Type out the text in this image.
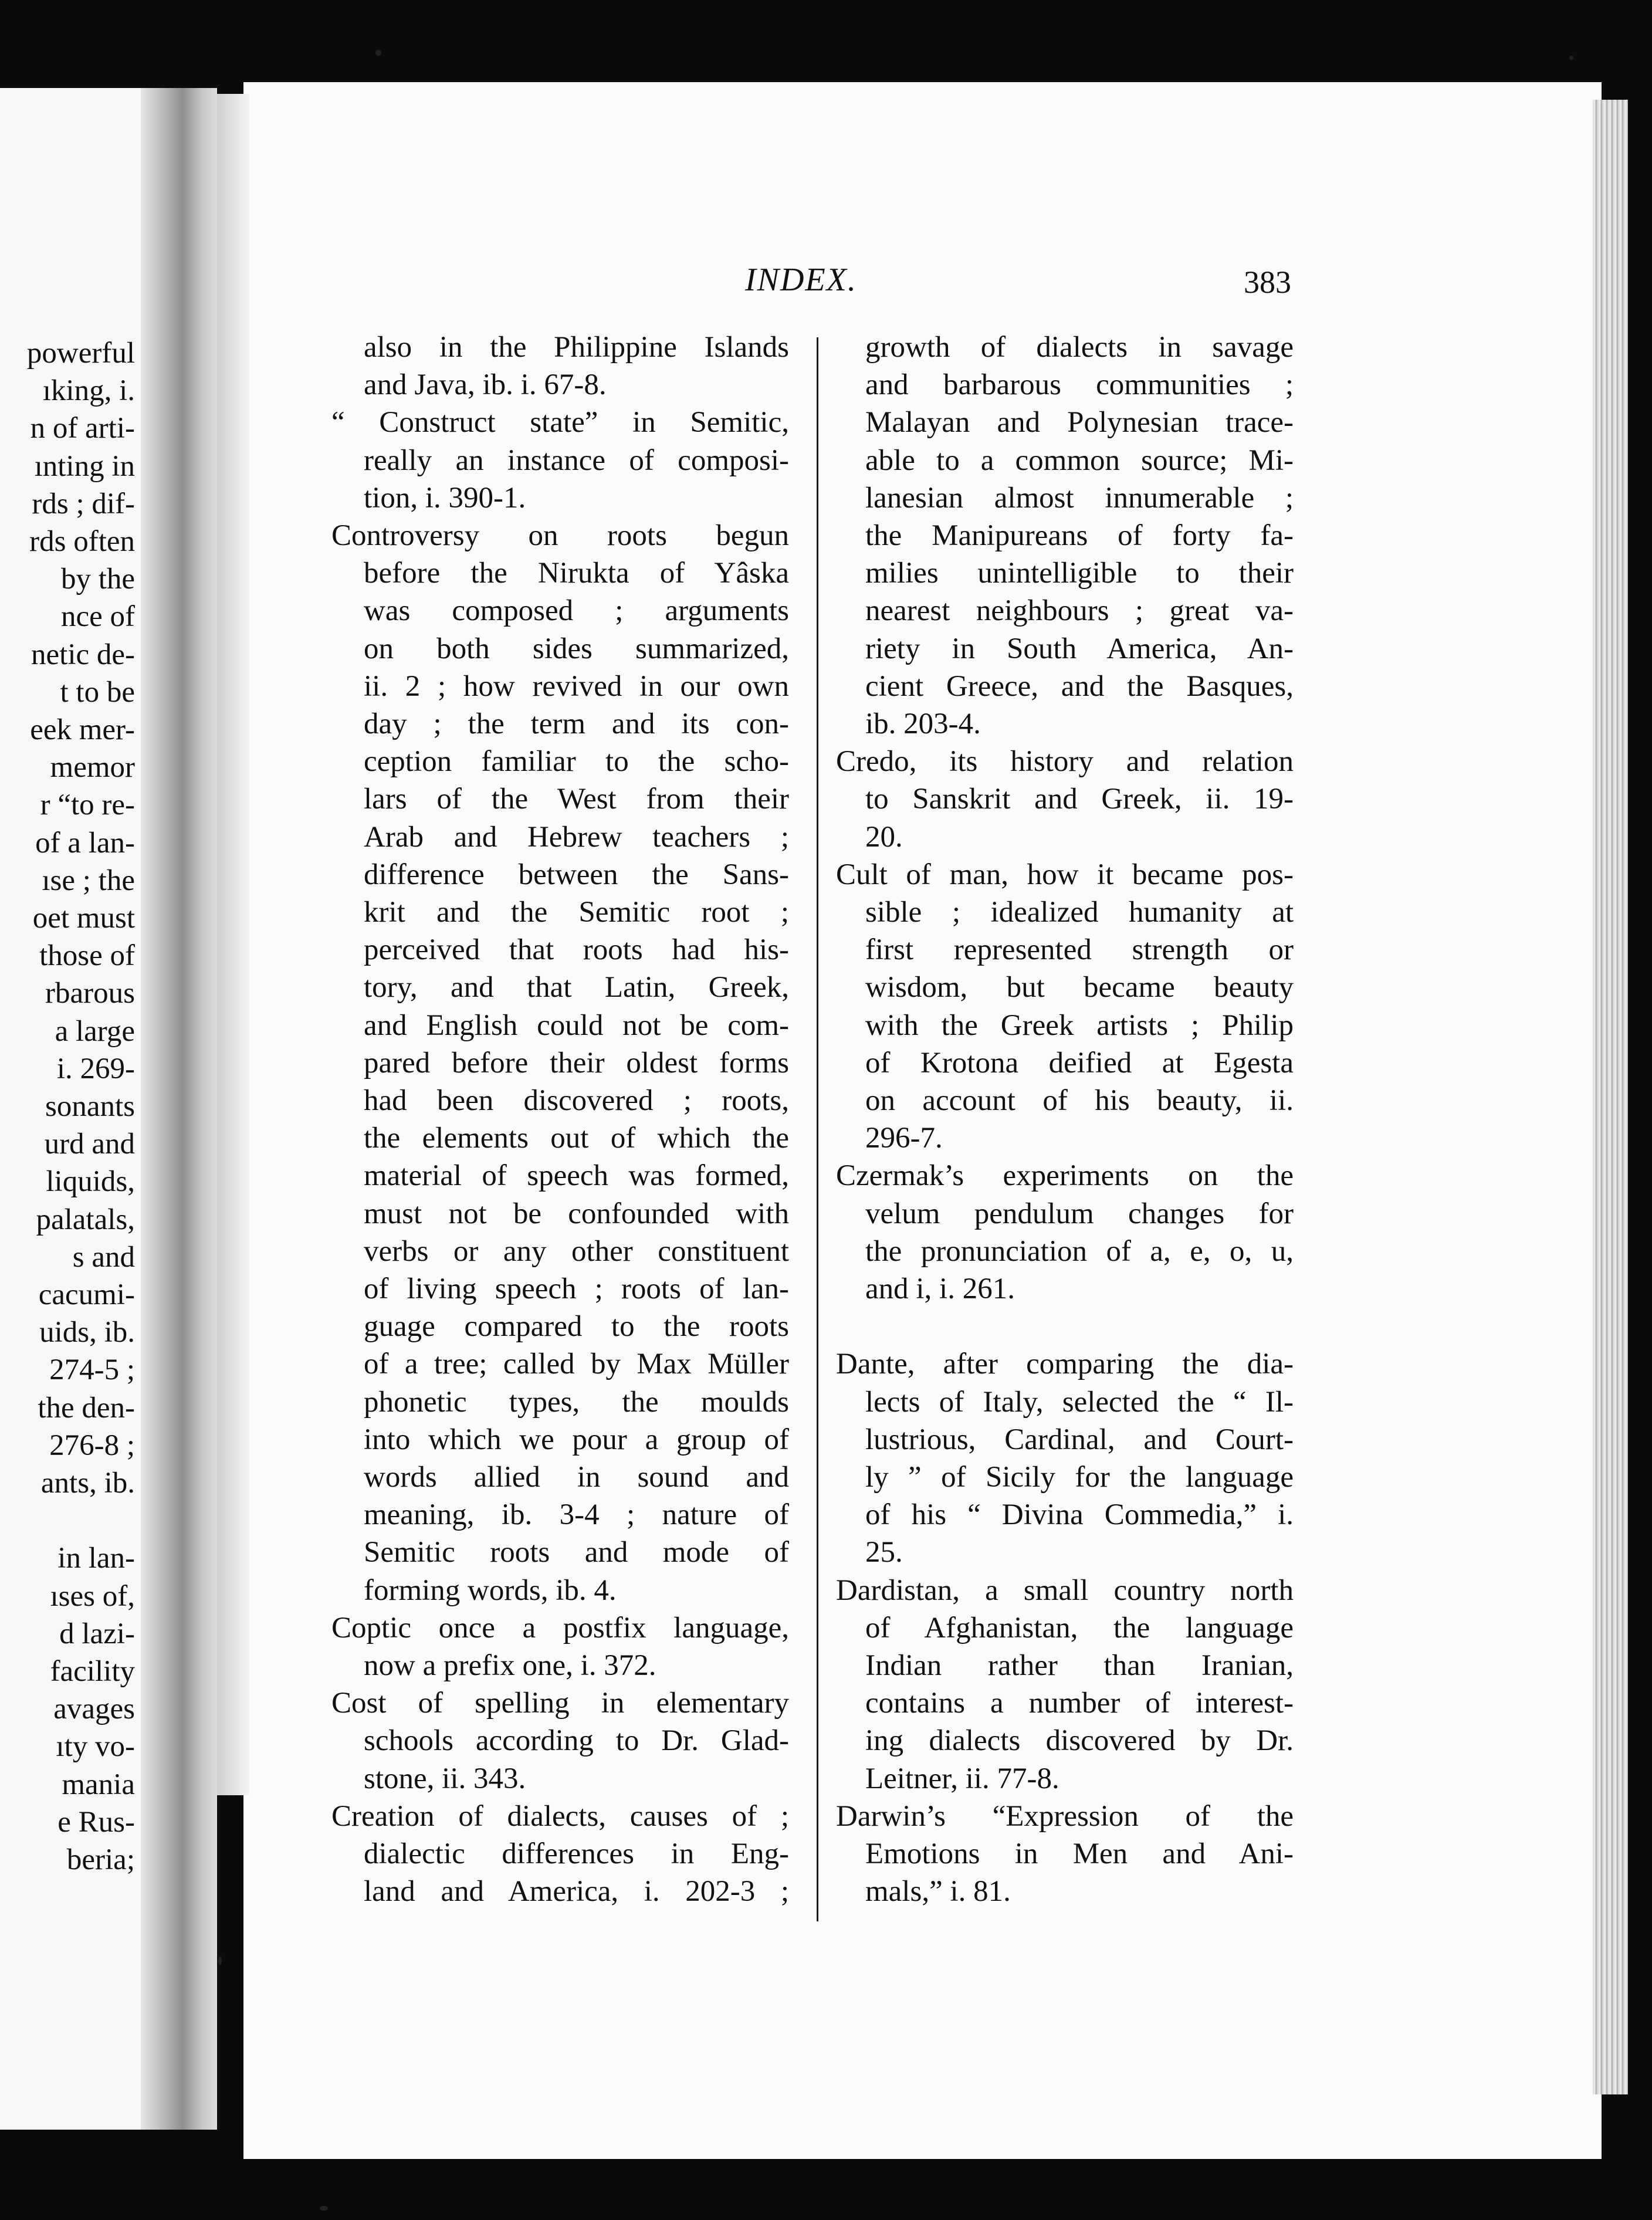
INDEX.	383
powerful
ıking, i.
n of arti-
ınting in
rds ; dif-
rds often
by the
nce of
netic de-
t to be
eek mer-
memor
r “to re-
of a lan-
ıse ; the
oet must
those of
rbarous
a large
i. 269-
sonants
urd and
liquids,
palatals,
s and
cacumi-
uids, ib.
274-5 ;
the den-
276-8 ;
ants, ib.
in lan-
ıses of,
d lazi-
facility
avages
ıty vo-
mania
e Rus-
beria;
also in the Philippine Islands
and Java, ib. i. 67-8.
“ Construct state” in Semitic,
really an instance of composi-
tion, i. 390-1.
Controversy on roots begun
before the Nirukta of Yâska
was composed ; arguments
on both sides summarized,
ii. 2 ; how revived in our own
day ; the term and its con-
ception familiar to the scho-
lars of the West from their
Arab and Hebrew teachers ;
difference between the Sans-
krit and the Semitic root ;
perceived that roots had his-
tory, and that Latin, Greek,
and English could not be com-
pared before their oldest forms
had been discovered ; roots,
the elements out of which the
material of speech was formed,
must not be confounded with
verbs or any other constituent
of living speech ; roots of lan-
guage compared to the roots
of a tree; called by Max Müller
phonetic types, the moulds
into which we pour a group of
words allied in sound and
meaning, ib. 3-4 ; nature of
Semitic roots and mode of
forming words, ib. 4.
Coptic once a postfix language,
now a prefix one, i. 372.
Cost of spelling in elementary
schools according to Dr. Glad-
stone, ii. 343.
Creation of dialects, causes of ;
dialectic differences in Eng-
land and America, i. 202-3 ;
growth of dialects in savage
and barbarous communities ;
Malayan and Polynesian trace-
able to a common source; Mi-
lanesian almost innumerable ;
the Manipureans of forty fa-
milies unintelligible to their
nearest neighbours ; great va-
riety in South America, An-
cient Greece, and the Basques,
ib. 203-4.
Credo, its history and relation
to Sanskrit and Greek, ii. 19-
20.
Cult of man, how it became pos-
sible ; idealized humanity at
first represented strength or
wisdom, but became beauty
with the Greek artists ; Philip
of Krotona deified at Egesta
on account of his beauty, ii.
296-7.
Czermak’s experiments on the
velum pendulum changes for
the pronunciation of a, e, o, u,
and i, i. 261.
Dante, after comparing the dia-
lects of Italy, selected the “ Il-
lustrious, Cardinal, and Court-
ly ” of Sicily for the language
of his “ Divina Commedia,” i.
25.
Dardistan, a small country north
of Afghanistan, the language
Indian rather than Iranian,
contains a number of interest-
ing dialects discovered by Dr.
Leitner, ii. 77-8.
Darwin’s “Expression of the
Emotions in Men and Ani-
mals,” i. 81.
